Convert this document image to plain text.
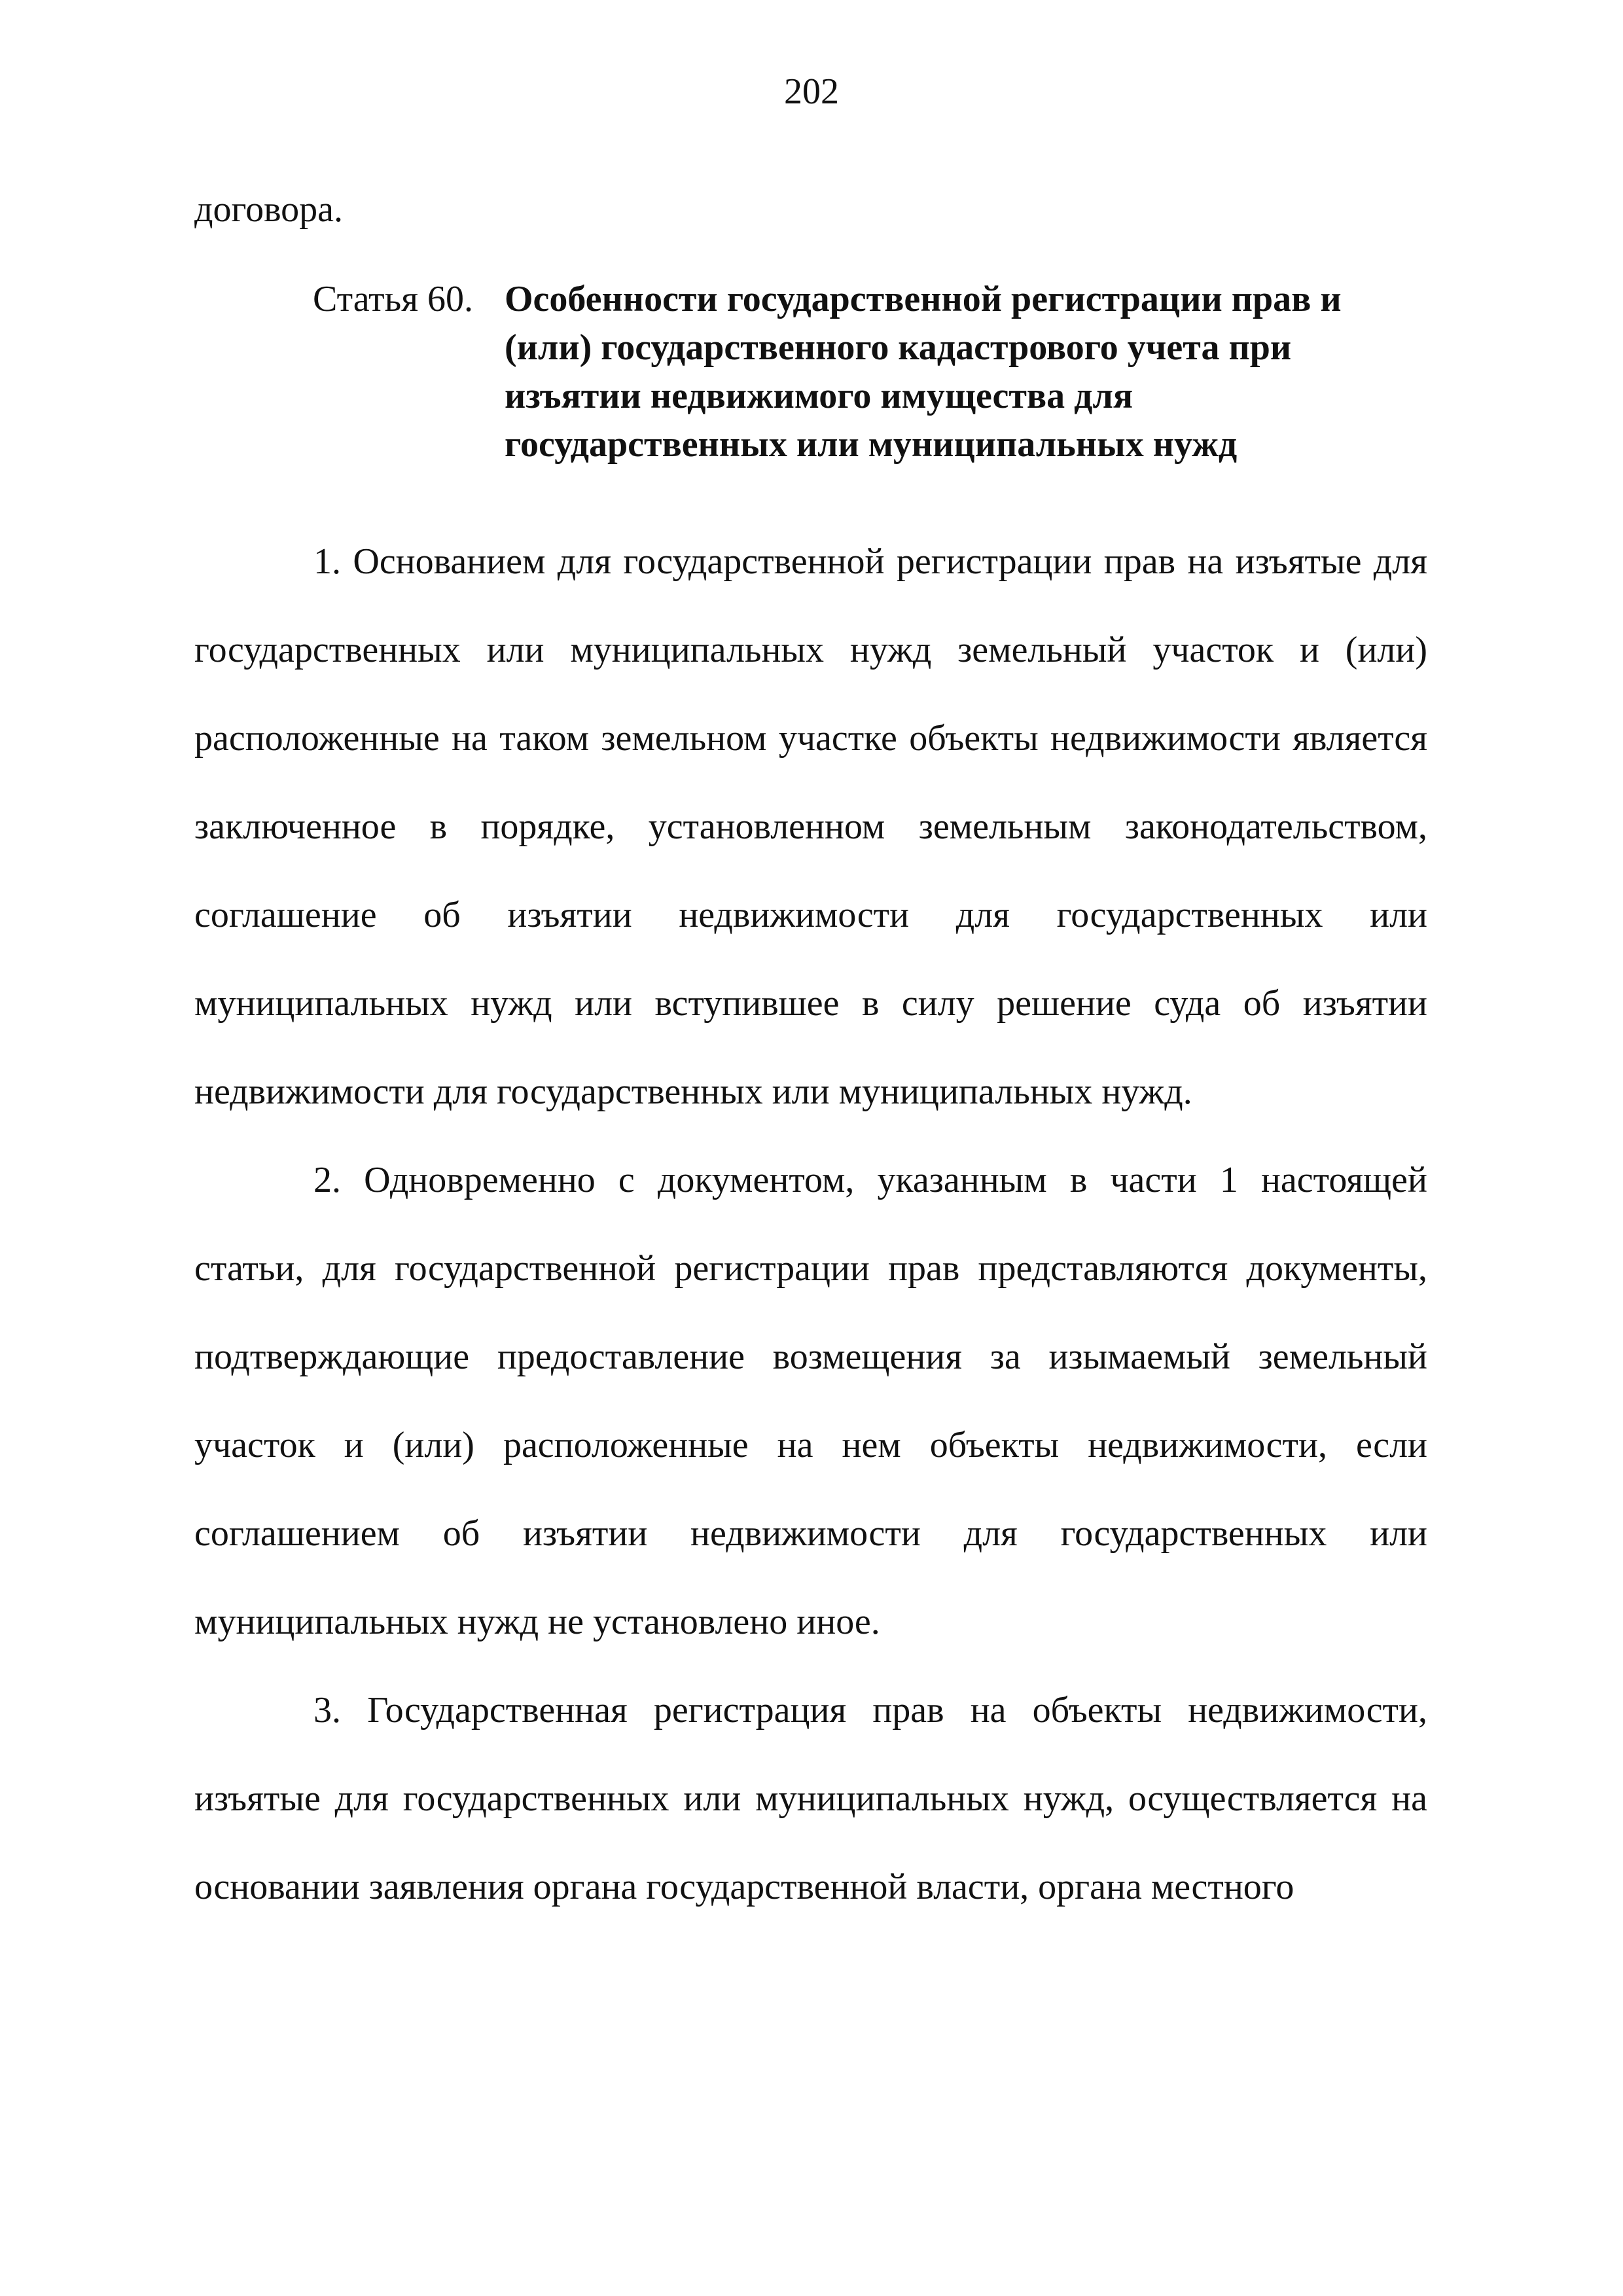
202
договора.
Статья 60. Особенности государственной регистрации прав и
(или) государственного кадастрового учета при
изъятии недвижимого имущества для
государственных или муниципальных нужд

1. Основанием для государственной регистрации прав на изъятые для государственных или муниципальных нужд земельный участок и (или) расположенные на таком земельном участке объекты недвижимости является заключенное в порядке, установленном земельным законодательством, соглашение об изъятии недвижимости для государственных или муниципальных нужд или вступившее в силу решение суда об изъятии недвижимости для государственных или муниципальных нужд.

2. Одновременно с документом, указанным в части 1 настоящей статьи, для государственной регистрации прав представляются документы, подтверждающие предоставление возмещения за изымаемый земельный участок и (или) расположенные на нем объекты недвижимости, если соглашением об изъятии недвижимости для государственных или муниципальных нужд не установлено иное.

3. Государственная регистрация прав на объекты недвижимости, изъятые для государственных или муниципальных нужд, осуществляется на основании заявления органа государственной власти, органа местного
